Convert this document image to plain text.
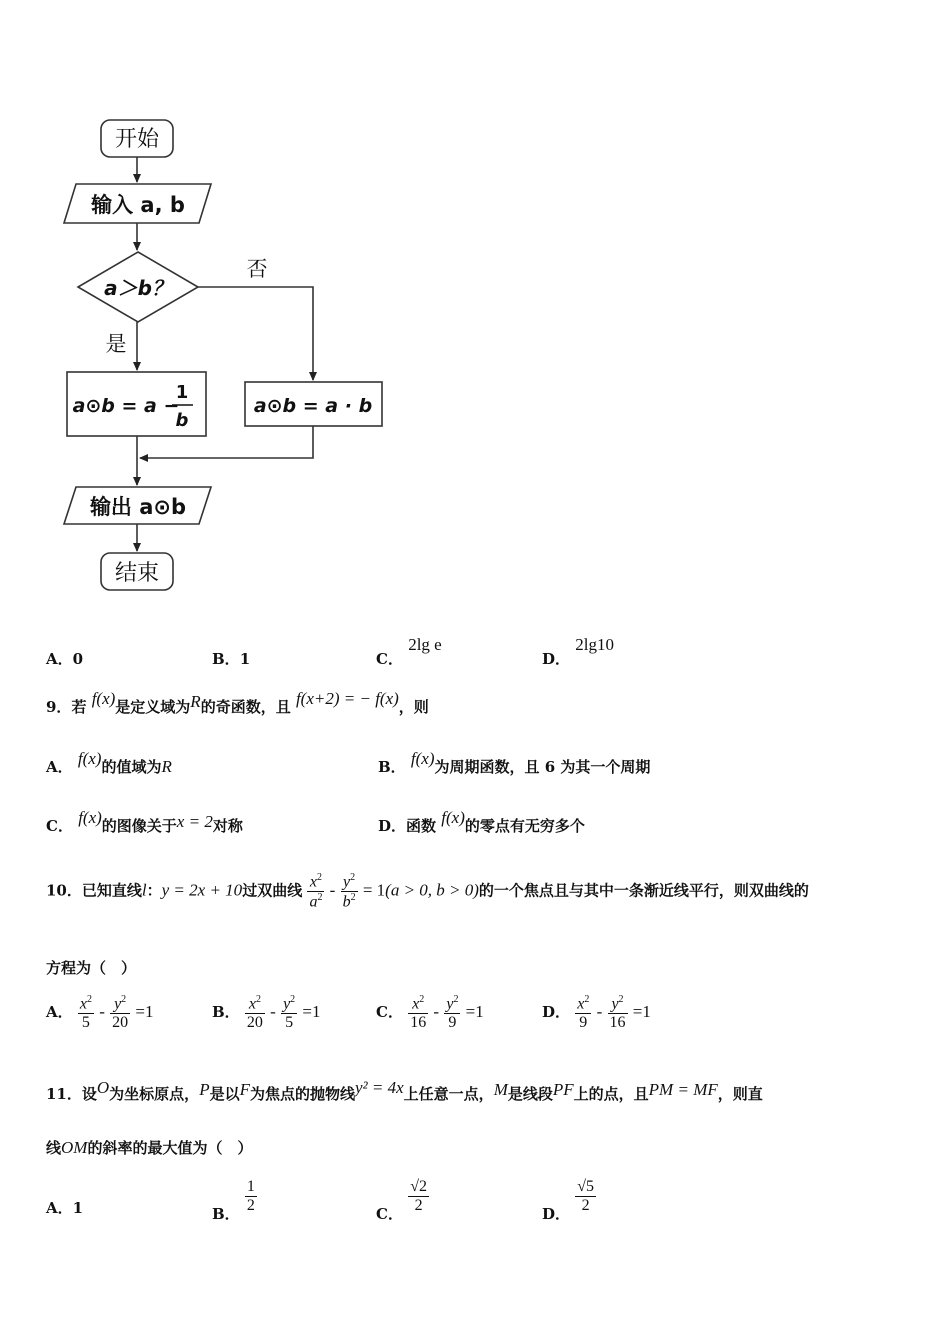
开始
输入 a, b
a＞b？
否
是
a⊙b = a −
1
b
a⊙b = a · b
输出 a⊙b
结束
A．0	B．1	C． 2lg e
D． 2lg10
9．若 f(x)是定义域为R的奇函数，且 f(x+2) = − f(x)，则
A． f(x)的值域为R	B． f(x)为周期函数，且 6 为其一个周期
C． f(x)的图像关于x = 2对称	D．函数 f(x)的零点有无穷多个
10．已知直线l：y = 2x + 10过双曲线 $\frac{x^2}{a^2} - \frac{y^2}{b^2} = 1(a > 0$, b > 0)的一个焦点且与其中一条渐近线平行，则双曲线的
方程为（　）
A． $\frac{x^2}{5} - \frac{y^2}{20} =1$	B． $\frac{x^2}{20} - \frac{y^2}{5} =1$	C． $\frac{x^2}{16} - \frac{y^2}{9} =1$	D． $\frac{x^2}{9} - \frac{y^2}{16} =1$
11．设O为坐标原点，P是以F为焦点的抛物线y² = 4x上任意一点，M是线段PF上的点，且PM = MF，则直
线OM的斜率的最大值为（　）
A．1	B． $\frac{1}{2}$	C． $\frac{√2}{2}$	D． $\frac{√5}{2}$
